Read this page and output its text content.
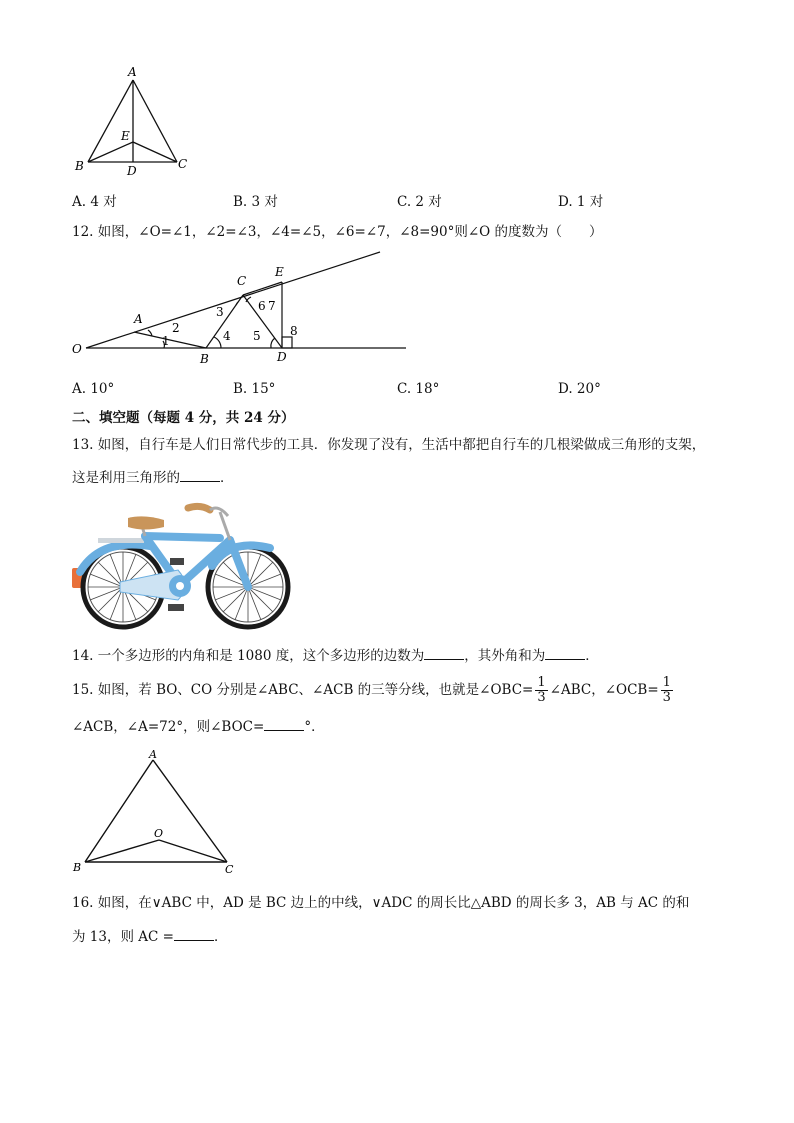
A
E
B	D	C
A. 4 对	B. 3 对	C. 2 对	D. 1 对
12. 如图，∠O=∠1，∠2=∠3，∠4=∠5，∠6=∠7，∠8=90°则∠O 的度数为（　　）
O
A
B
C
D
E
1
2
3
4 5
6 7
8
A. 10°	B. 15°	C. 18°	D. 20°
二、填空题（每题 4 分，共 24 分）
13. 如图，自行车是人们日常代步的工具．你发现了没有，生活中都把自行车的几根梁做成三角形的支架，
这是利用三角形的	．
14. 一个多边形的内角和是 1080 度，这个多边形的边数为	，其外角和为	．
15. 如图，若 BO、CO 分别是∠ABC、∠ACB 的三等分线，也就是∠OBC= $\frac{1}{3}$ ∠ABC，∠OCB= $\frac{1}{3}$
∠ACB，∠A=72°，则∠BOC=	°．
A
O
B	C
16. 如图，在∨ABC 中，AD 是 BC 边上的中线，∨ADC 的周长比△ABD 的周长多 3，AB 与 AC 的和
为 13，则 AC =	．
